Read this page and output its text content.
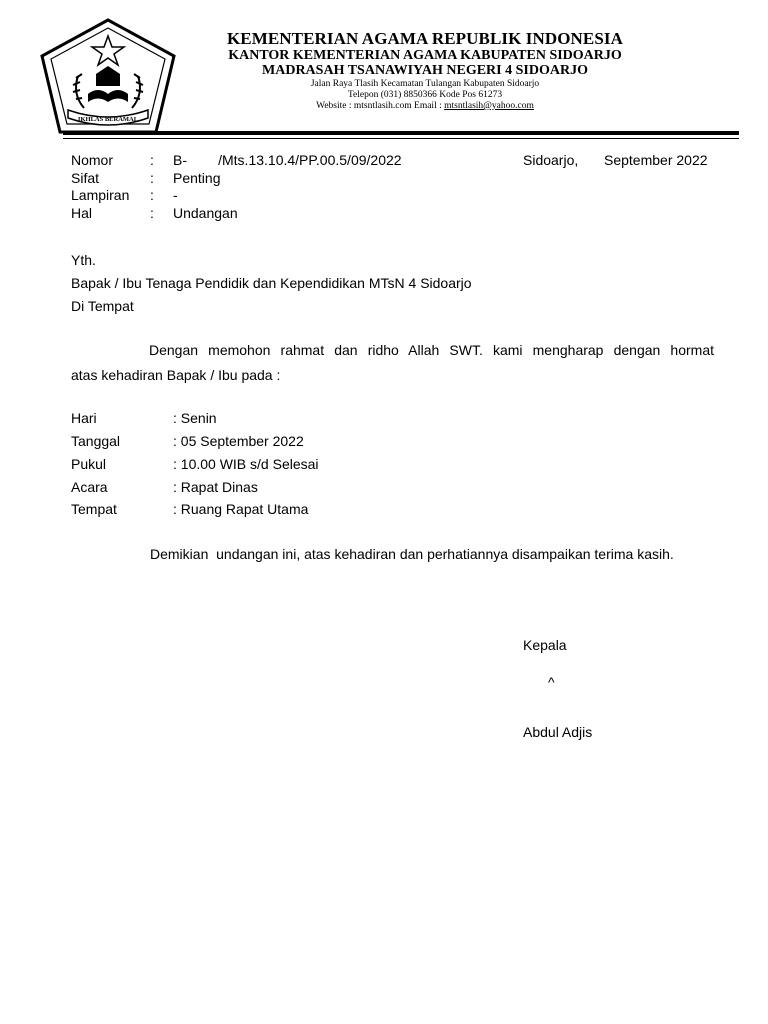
IKHLAS BERAMAL
KEMENTERIAN AGAMA REPUBLIK INDONESIA
KANTOR KEMENTERIAN AGAMA KABUPATEN SIDOARJO
MADRASAH TSANAWIYAH NEGERI 4 SIDOARJO
Jalan Raya Tlasih Kecamatan Tulangan Kabupaten Sidoarjo
Telepon (031) 8850366 Kode Pos 61273
Website : mtsntlasih.com Email : mtsntlasih@yahoo.com
Nomor	: B-        /Mts.13.10.4/PP.00.5/09/2022	Sidoarjo, September 2022
Sifat	: Penting
Lampiran : -
Hal	: Undangan
Yth.
Bapak / Ibu Tenaga Pendidik dan Kependidikan MTsN 4 Sidoarjo
Di Tempat
Dengan memohon rahmat dan ridho Allah SWT. kami mengharap dengan hormat
atas kehadiran Bapak / Ibu pada :
Hari	: Senin
Tanggal	: 05 September 2022
Pukul	: 10.00 WIB s/d Selesai
Acara	: Rapat Dinas
Tempat	: Ruang Rapat Utama
Demikian  undangan ini, atas kehadiran dan perhatiannya disampaikan terima kasih.
Kepala
^
Abdul Adjis
